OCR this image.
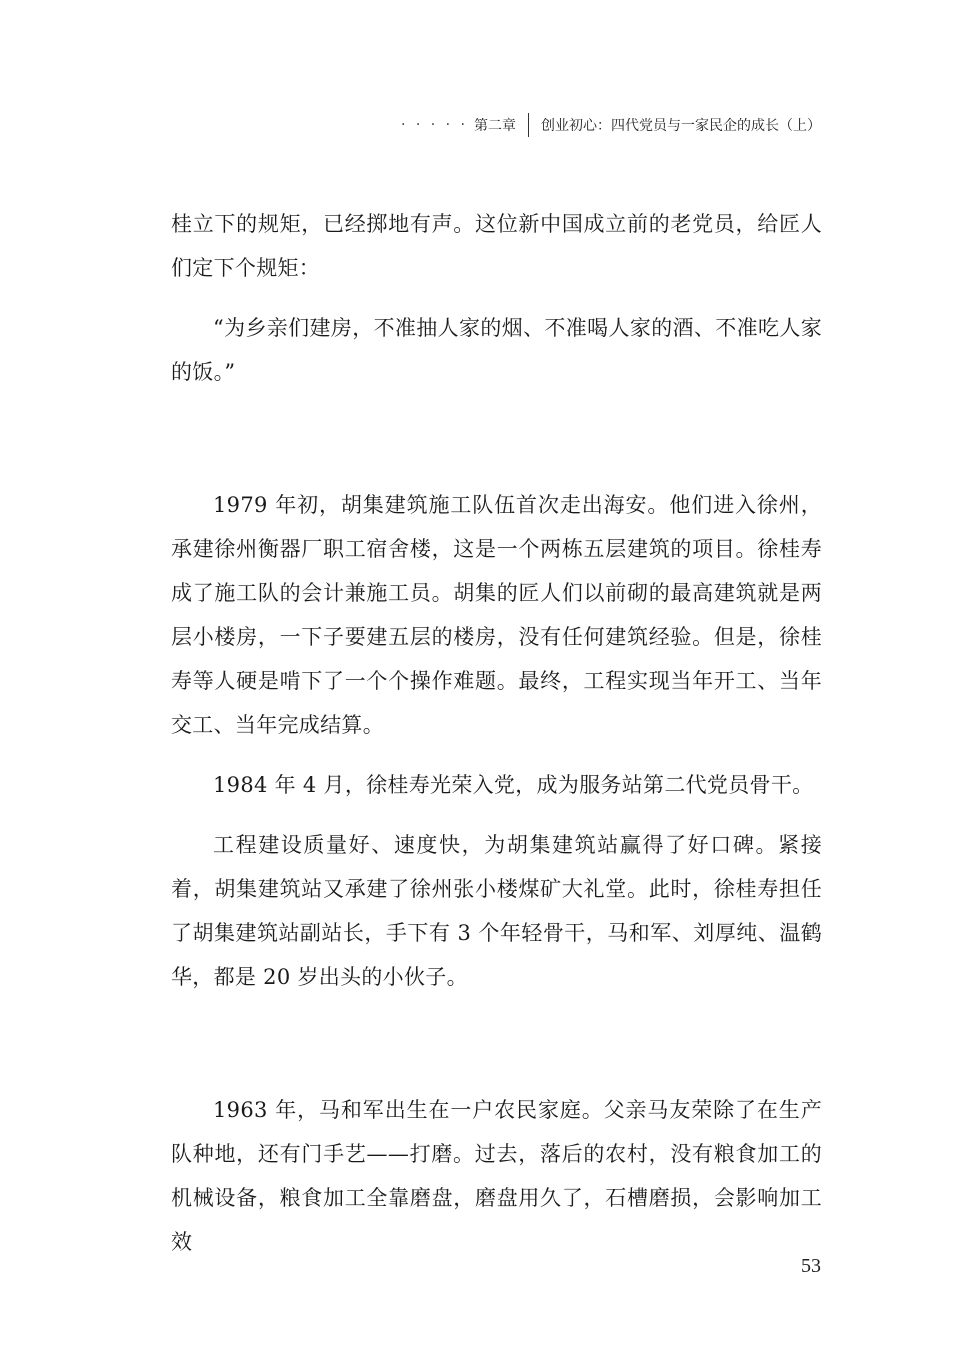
· · · · · 第二章 创业初心：四代党员与一家民企的成长（上）

桂立下的规矩，已经掷地有声。这位新中国成立前的老党员，给匠人们定下个规矩：

“为乡亲们建房，不准抽人家的烟、不准喝人家的酒、不准吃人家的饭。”

1979 年初，胡集建筑施工队伍首次走出海安。他们进入徐州，承建徐州衡器厂职工宿舍楼，这是一个两栋五层建筑的项目。徐桂寿成了施工队的会计兼施工员。胡集的匠人们以前砌的最高建筑就是两层小楼房，一下子要建五层的楼房，没有任何建筑经验。但是，徐桂寿等人硬是啃下了一个个操作难题。最终，工程实现当年开工、当年交工、当年完成结算。

1984 年 4 月，徐桂寿光荣入党，成为服务站第二代党员骨干。

工程建设质量好、速度快，为胡集建筑站赢得了好口碑。紧接着，胡集建筑站又承建了徐州张小楼煤矿大礼堂。此时，徐桂寿担任了胡集建筑站副站长，手下有 3 个年轻骨干，马和军、刘厚纯、温鹤华，都是 20 岁出头的小伙子。

1963 年，马和军出生在一户农民家庭。父亲马友荣除了在生产队种地，还有门手艺——打磨。过去，落后的农村，没有粮食加工的机械设备，粮食加工全靠磨盘，磨盘用久了，石槽磨损，会影响加工效

53
